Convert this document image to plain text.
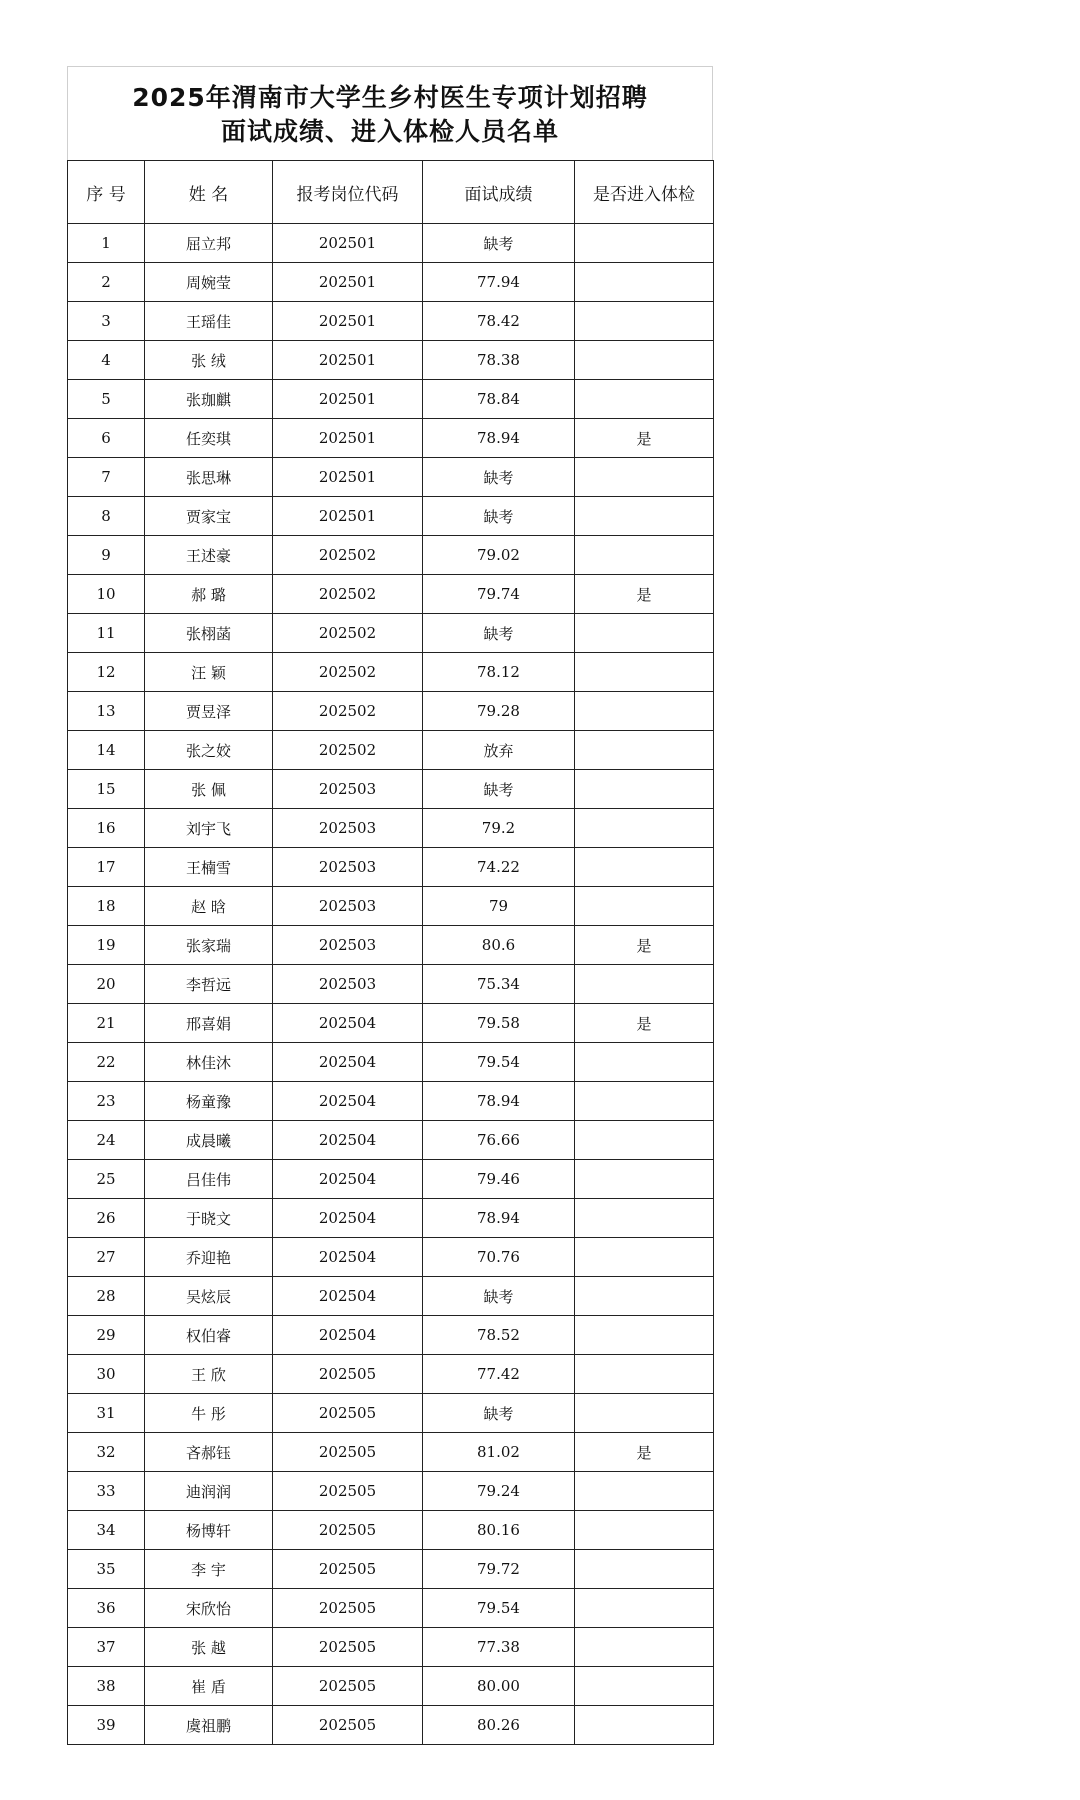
2025年渭南市大学生乡村医生专项计划招聘
面试成绩、进入体检人员名单
序 号	姓 名	报考岗位代码	面试成绩	是否进入体检
1	屈立邦	202501	缺考	
2	周婉莹	202501	77.94	
3	王瑶佳	202501	78.42	
4	张 绒	202501	78.38	
5	张珈麒	202501	78.84	
6	任奕琪	202501	78.94	是
7	张思琳	202501	缺考	
8	贾家宝	202501	缺考	
9	王述豪	202502	79.02	
10	郝 璐	202502	79.74	是
11	张栩菡	202502	缺考	
12	汪 颖	202502	78.12	
13	贾昱泽	202502	79.28	
14	张之姣	202502	放弃	
15	张 佩	202503	缺考	
16	刘宇飞	202503	79.2	
17	王楠雪	202503	74.22	
18	赵 晗	202503	79	
19	张家瑞	202503	80.6	是
20	李哲远	202503	75.34	
21	邢喜娟	202504	79.58	是
22	林佳沐	202504	79.54	
23	杨童豫	202504	78.94	
24	成晨曦	202504	76.66	
25	吕佳伟	202504	79.46	
26	于晓文	202504	78.94	
27	乔迎艳	202504	70.76	
28	吴炫辰	202504	缺考	
29	权伯睿	202504	78.52	
30	王 欣	202505	77.42	
31	牛 彤	202505	缺考	
32	吝郝钰	202505	81.02	是
33	迪润润	202505	79.24	
34	杨博轩	202505	80.16	
35	李 宇	202505	79.72	
36	宋欣怡	202505	79.54	
37	张 越	202505	77.38	
38	崔 盾	202505	80.00	
39	虞祖鹏	202505	80.26	
